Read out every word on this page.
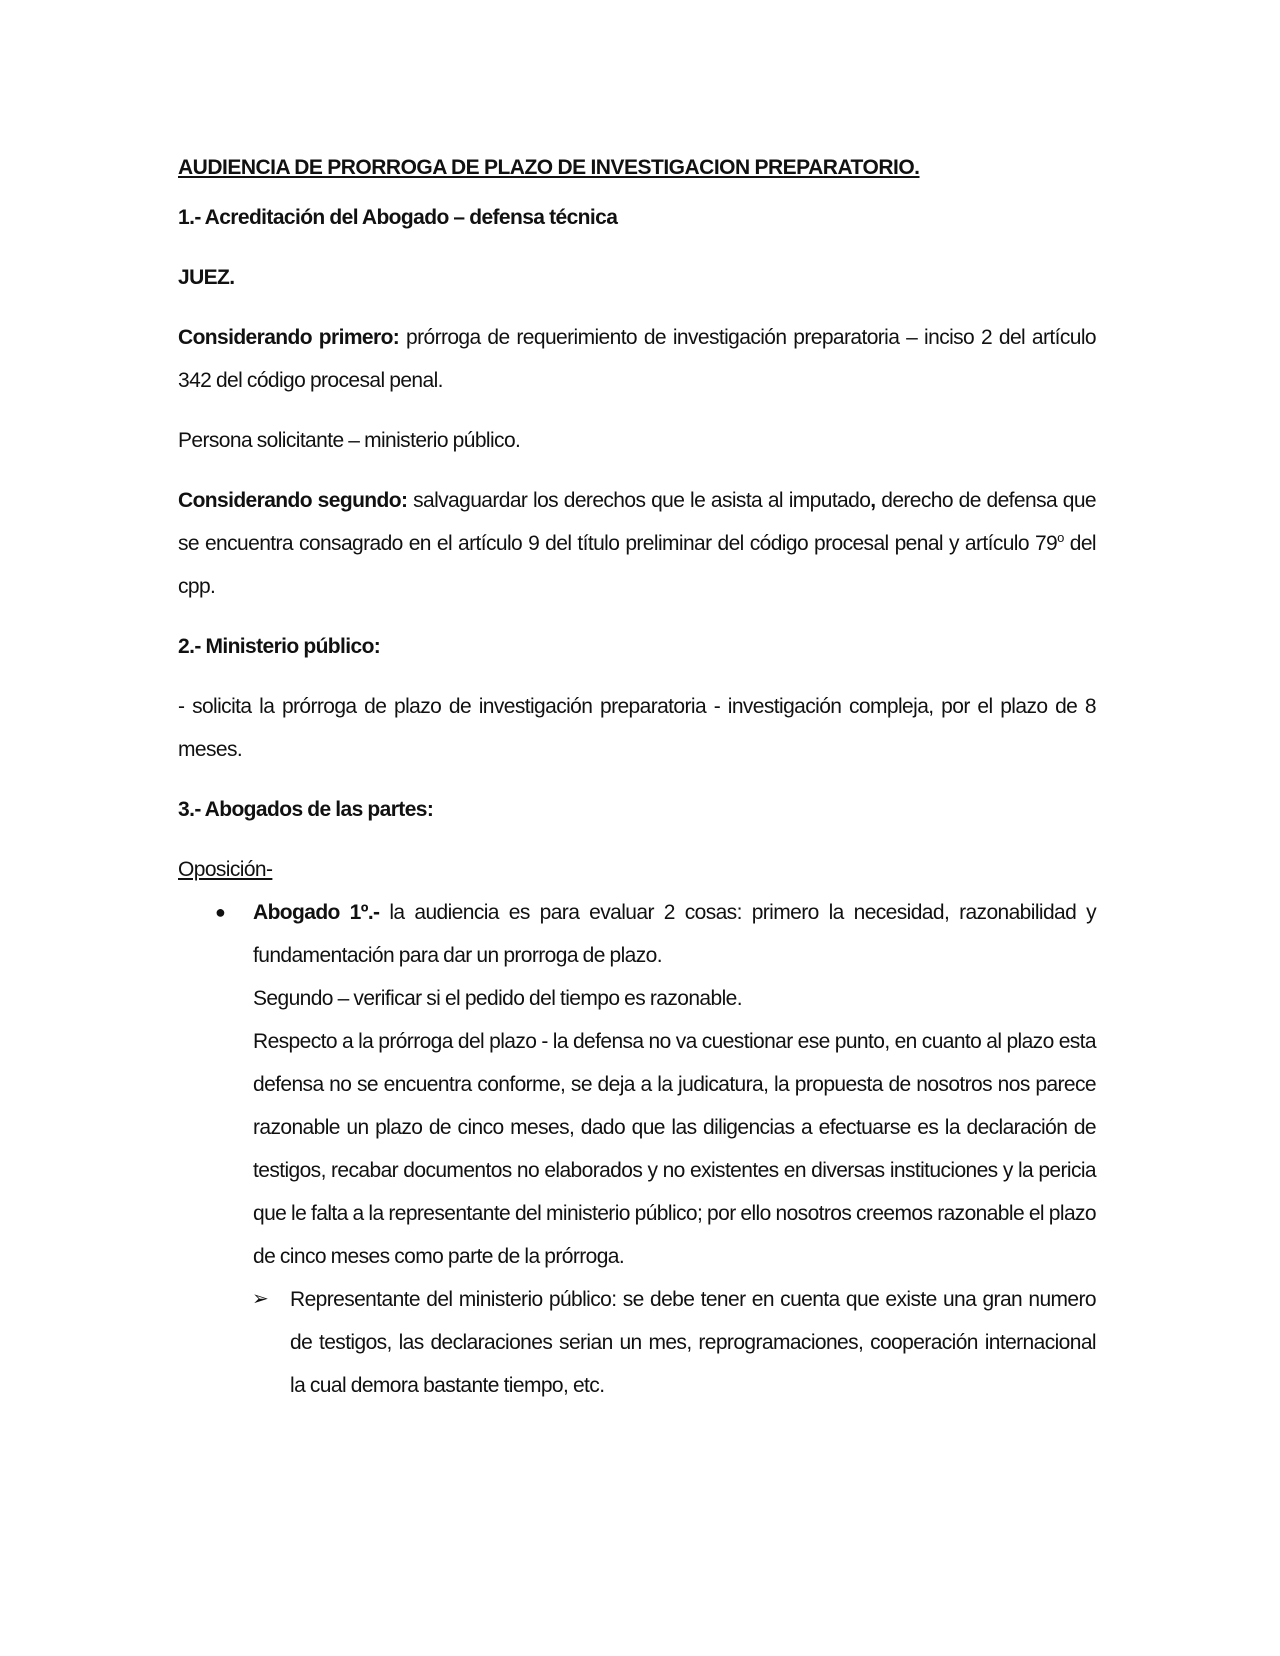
AUDIENCIA DE PRORROGA DE PLAZO DE INVESTIGACION PREPARATORIO.

1.- Acreditación del Abogado – defensa técnica

JUEZ.

Considerando primero: prórroga de requerimiento de investigación preparatoria – inciso 2 del artículo 342 del código procesal penal.

Persona solicitante – ministerio público.

Considerando segundo: salvaguardar los derechos que le asista al imputado, derecho de defensa que se encuentra consagrado en el artículo 9 del título preliminar del código procesal penal y artículo 79$^o$ del cpp.

2.- Ministerio público:

- solicita la prórroga de plazo de investigación preparatoria - investigación compleja, por el plazo de 8 meses.

3.- Abogados de las partes:

Oposición-

● Abogado 1º.- la audiencia es para evaluar 2 cosas: primero la necesidad, razonabilidad y fundamentación para dar un prorroga de plazo.

Segundo – verificar si el pedido del tiempo es razonable.

Respecto a la prórroga del plazo - la defensa no va cuestionar ese punto, en cuanto al plazo esta defensa no se encuentra conforme, se deja a la judicatura, la propuesta de nosotros nos parece razonable un plazo de cinco meses, dado que las diligencias a efectuarse es la declaración de testigos, recabar documentos no elaborados y no existentes en diversas instituciones y la pericia que le falta a la representante del ministerio público; por ello nosotros creemos razonable el plazo de cinco meses como parte de la prórroga.

➢ Representante del ministerio público: se debe tener en cuenta que existe una gran numero de testigos, las declaraciones serian un mes, reprogramaciones, cooperación internacional la cual demora bastante tiempo, etc.
